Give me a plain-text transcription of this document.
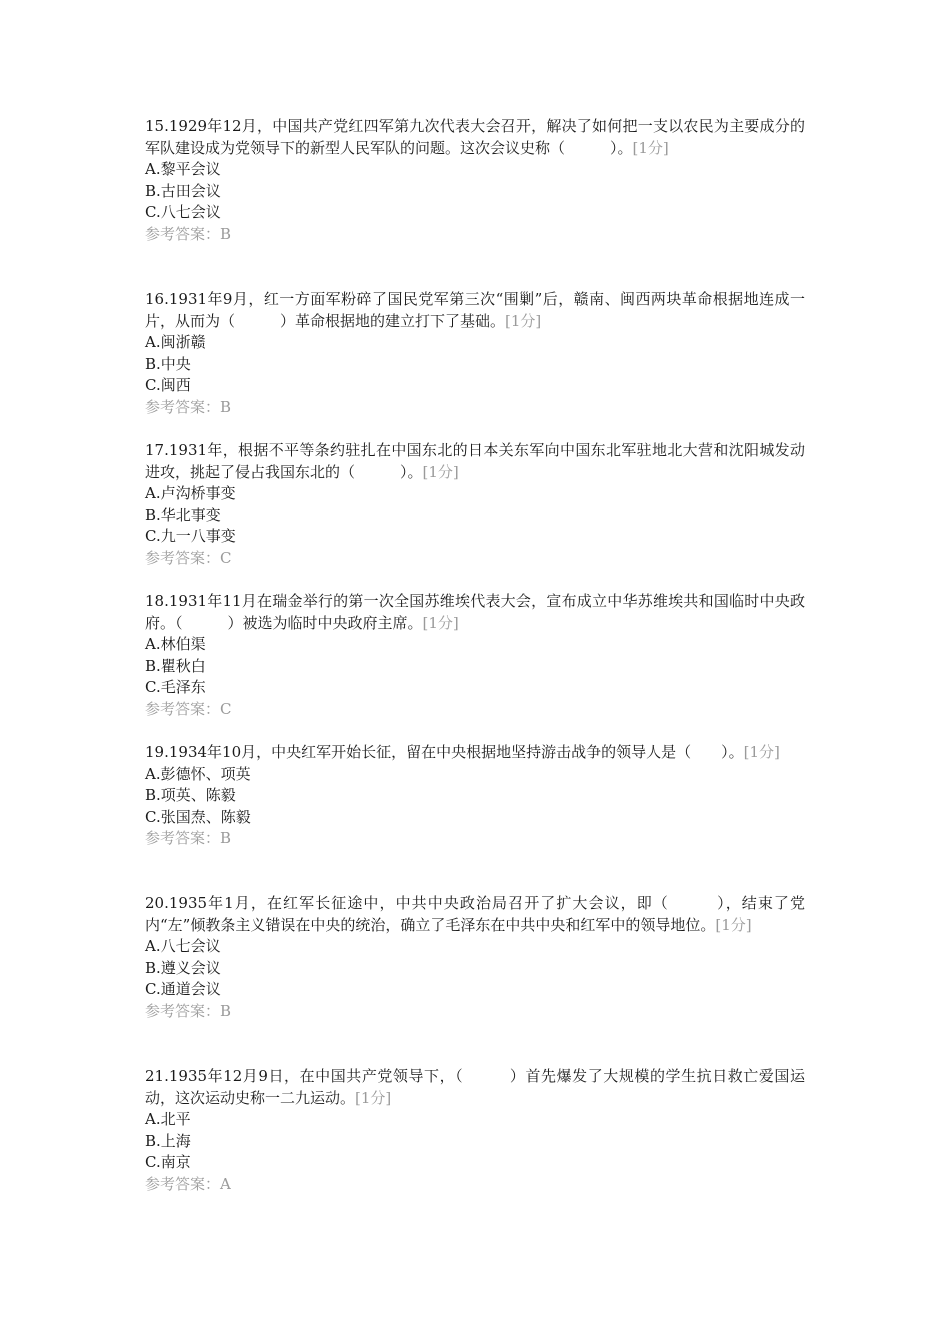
15.1929年12月，中国共产党红四军第九次代表大会召开，解决了如何把一支以农民为主要成分的军队建设成为党领导下的新型人民军队的问题。这次会议史称（　　　）。[1分]
A.黎平会议
B.古田会议
C.八七会议
参考答案：B
16.1931年9月，红一方面军粉碎了国民党军第三次“围剿”后，赣南、闽西两块革命根据地连成一片，从而为（　　　）革命根据地的建立打下了基础。[1分]
A.闽浙赣
B.中央
C.闽西
参考答案：B
17.1931年，根据不平等条约驻扎在中国东北的日本关东军向中国东北军驻地北大营和沈阳城发动进攻，挑起了侵占我国东北的（　　　）。[1分]
A.卢沟桥事变
B.华北事变
C.九一八事变
参考答案：C
18.1931年11月在瑞金举行的第一次全国苏维埃代表大会，宣布成立中华苏维埃共和国临时中央政府。（　　　）被选为临时中央政府主席。[1分]
A.林伯渠
B.瞿秋白
C.毛泽东
参考答案：C
19.1934年10月，中央红军开始长征，留在中央根据地坚持游击战争的领导人是（　　）。[1分]
A.彭德怀、项英
B.项英、陈毅
C.张国焘、陈毅
参考答案：B
20.1935年1月，在红军长征途中，中共中央政治局召开了扩大会议，即（　　　），结束了党内“左”倾教条主义错误在中央的统治，确立了毛泽东在中共中央和红军中的领导地位。[1分]
A.八七会议
B.遵义会议
C.通道会议
参考答案：B
21.1935年12月9日，在中国共产党领导下，（　　　）首先爆发了大规模的学生抗日救亡爱国运动，这次运动史称一二九运动。[1分]
A.北平
B.上海
C.南京
参考答案：A
